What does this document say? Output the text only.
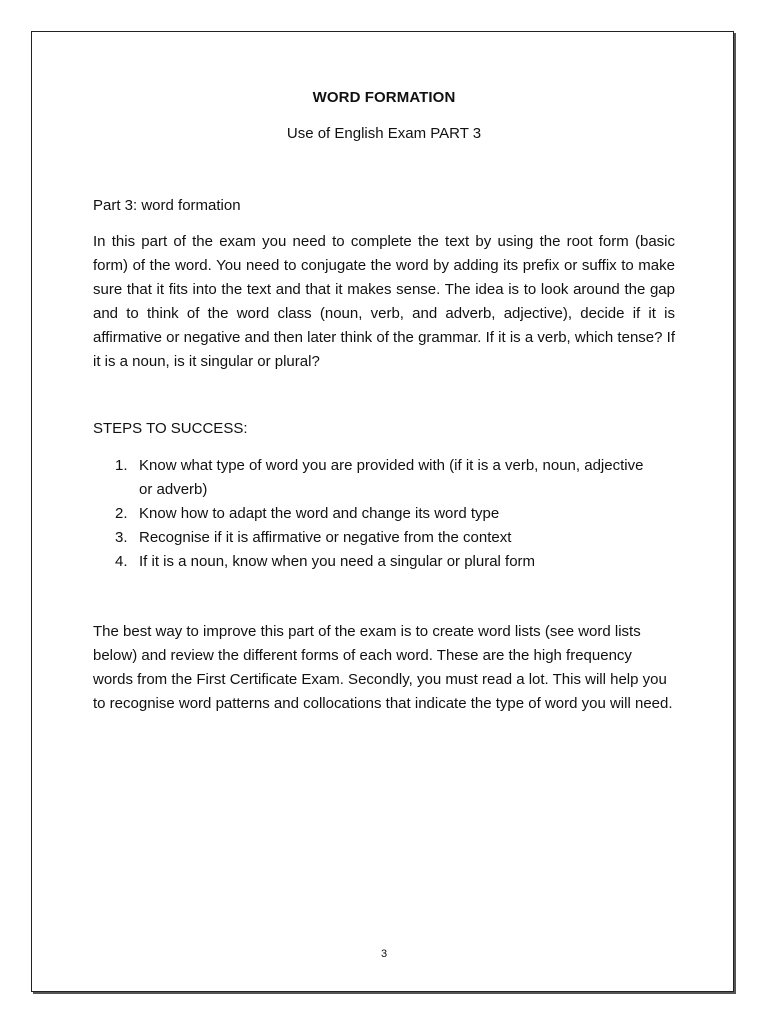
WORD FORMATION
Use of English Exam PART 3
Part 3: word formation
In this part of the exam you need to complete the text by using the root form (basic form) of the word. You need to conjugate the word by adding its prefix or suffix to make sure that it fits into the text and that it makes sense. The idea is to look around the gap and to think of the word class (noun, verb, and adverb, adjective), decide if it is affirmative or negative and then later think of the grammar. If it is a verb, which tense? If it is a noun, is it singular or plural?
STEPS TO SUCCESS:
1. Know what type of word you are provided with (if it is a verb, noun, adjective or adverb)
2. Know how to adapt the word and change its word type
3. Recognise if it is affirmative or negative from the context
4. If it is a noun, know when you need a singular or plural form
The best way to improve this part of the exam is to create word lists (see word lists below) and review the different forms of each word. These are the high frequency words from the First Certificate Exam. Secondly, you must read a lot. This will help you to recognise word patterns and collocations that indicate the type of word you will need.
3
